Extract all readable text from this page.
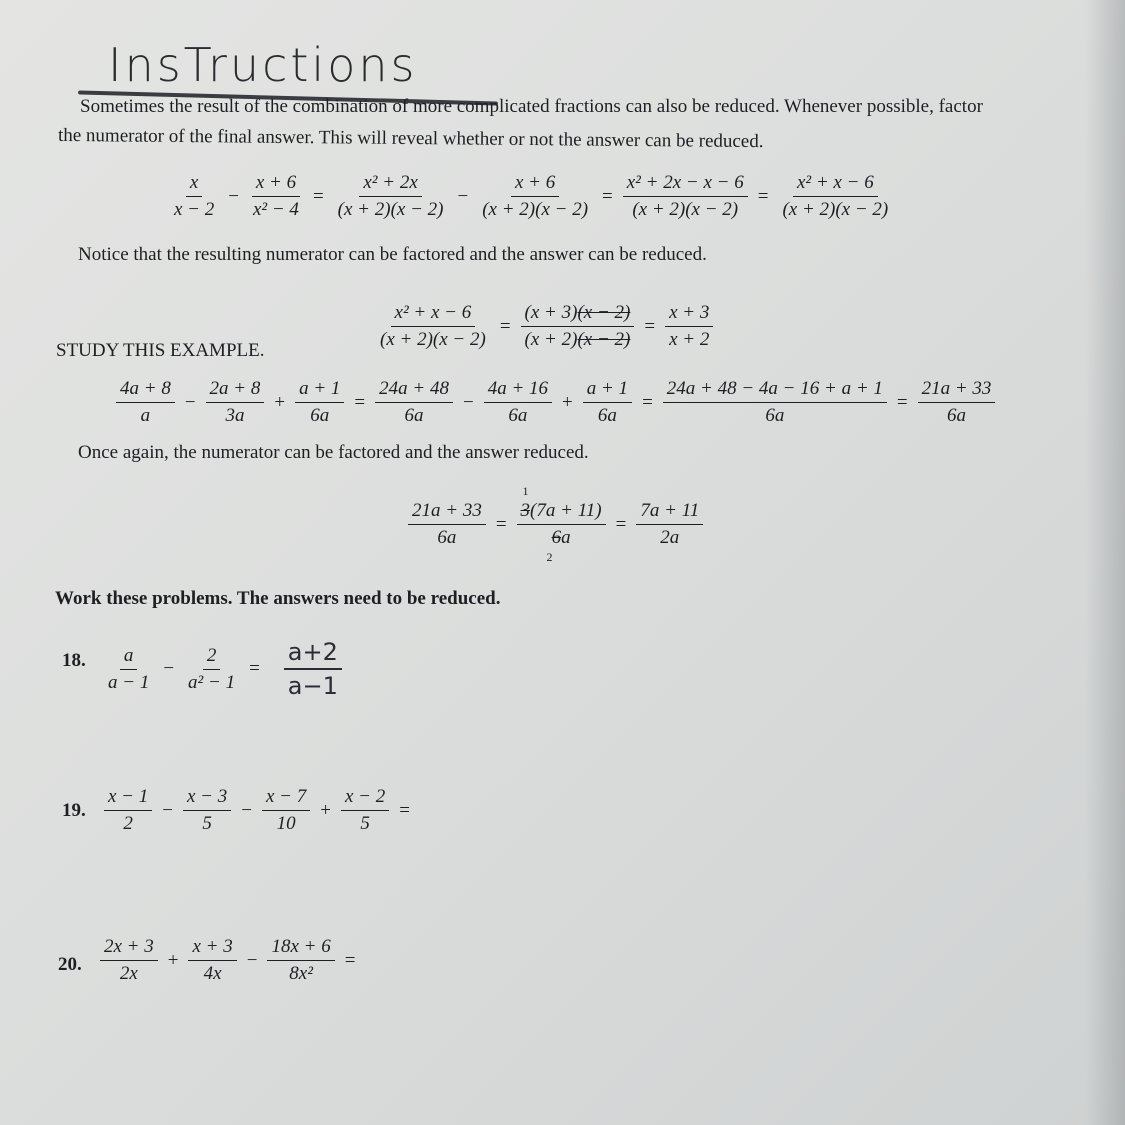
InsTructions
Sometimes the result of the combination of more complicated fractions can also be reduced. Whenever possible, factor
the numerator of the final answer. This will reveal whether or not the answer can be reduced.
$\frac{x}{x - 2} - \frac{x + 6}{\text{x² − 4}} = \frac{\text{x² + 2x}}{(x + 2)(x - 2)} - \frac{x + 6}{(x + 2)(x - 2)} = \frac{\text{x² + 2x − x − 6}}{(x + 2)(x - 2)} = \frac{\text{x² + x − 6}}{(x + 2)(x - 2)}$
Notice that the resulting numerator can be factored and the answer can be reduced.
$\frac{\text{x² + x − 6}}{(x + 2)(x - 2)} = \frac{(x + 3)(x - 2)}{(x + 2)(x - 2)} = \frac{x + 3}{x + 2}$
STUDY THIS EXAMPLE.
$\frac{4a + 8}{a} - \frac{2a + 8}{3a} + \frac{a + 1}{6a} = \frac{24a + 48}{6a} - \frac{4a + 16}{6a} + \frac{a + 1}{6a} = \frac{24a + 48 - 4a - 16 + a + 1}{6a} = \frac{21a + 33}{6a}$
Once again, the numerator can be factored and the answer reduced.
$\frac{21a + 33}{6a}$ =
1
3(7a + 11)
6a
2
= $\frac{7a + 11}{2a}$
Work these problems. The answers need to be reduced.
18. $\frac{a}{a - 1} - \frac{2}{\text{a² − 1}} = \frac{a+2}{a-1}$
19. $\frac{x - 1}{2} - \frac{x - 3}{5} - \frac{x - 7}{10} + \frac{x - 2}{5}$ =
20. $\frac{2x + 3}{2x} + \frac{x + 3}{4x} - \frac{18x + 6}{\text{8x²}}$ =
